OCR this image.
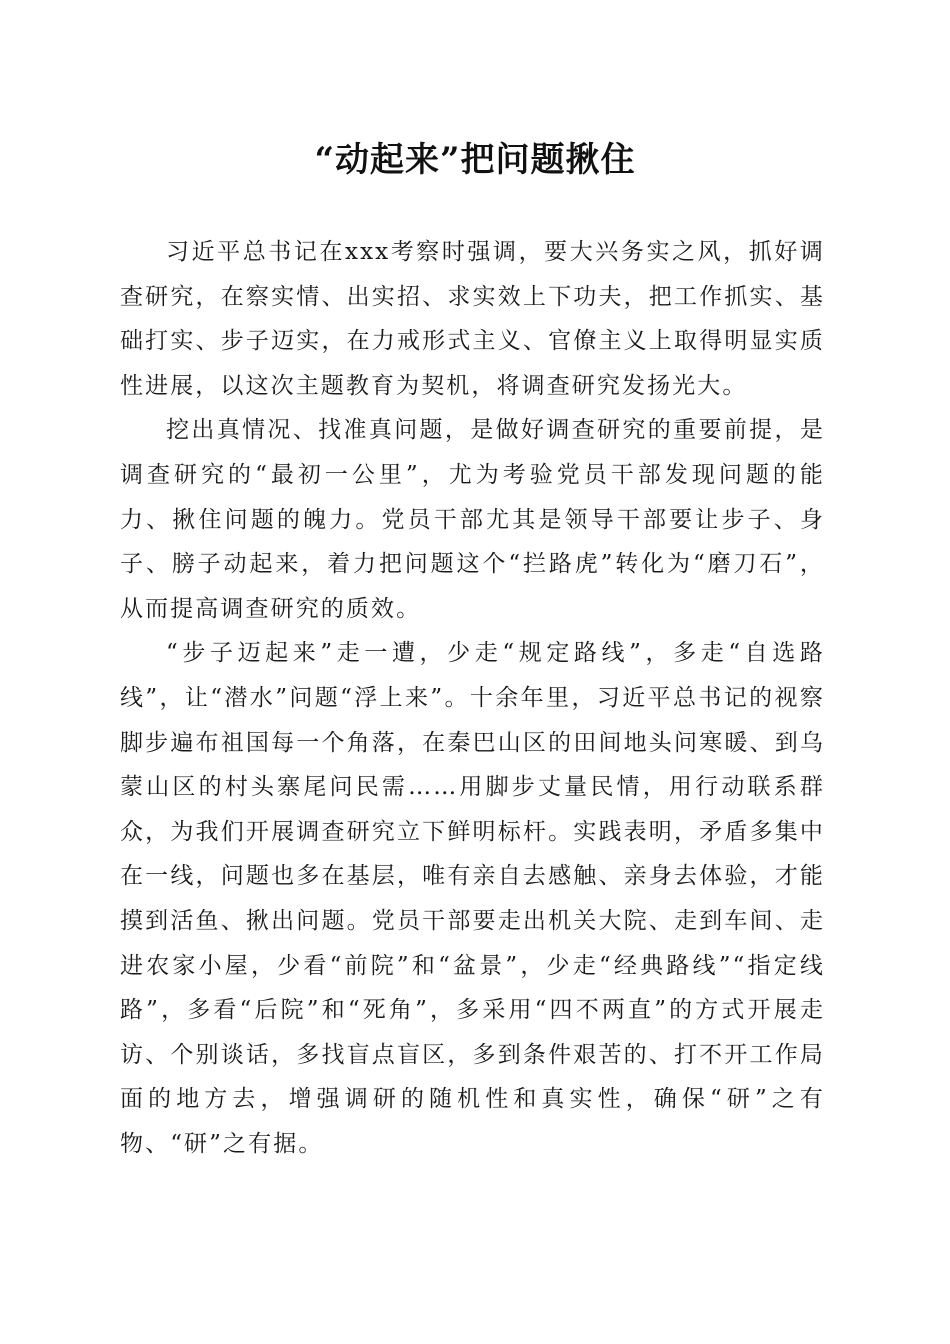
“动起来”把问题揪住

习近平总书记在xxx考察时强调，要大兴务实之风，抓好调查研究，在察实情、出实招、求实效上下功夫，把工作抓实、基础打实、步子迈实，在力戒形式主义、官僚主义上取得明显实质性进展，以这次主题教育为契机，将调查研究发扬光大。

挖出真情况、找准真问题，是做好调查研究的重要前提，是调查研究的“最初一公里”，尤为考验党员干部发现问题的能力、揪住问题的魄力。党员干部尤其是领导干部要让步子、身子、膀子动起来，着力把问题这个“拦路虎”转化为“磨刀石”，从而提高调查研究的质效。

“步子迈起来”走一遭，少走“规定路线”，多走“自选路线”，让“潜水”问题“浮上来”。十余年里，习近平总书记的视察脚步遍布祖国每一个角落，在秦巴山区的田间地头问寒暖、到乌蒙山区的村头寨尾问民需……用脚步丈量民情，用行动联系群众，为我们开展调查研究立下鲜明标杆。实践表明，矛盾多集中在一线，问题也多在基层，唯有亲自去感触、亲身去体验，才能摸到活鱼、揪出问题。党员干部要走出机关大院、走到车间、走进农家小屋，少看“前院”和“盆景”，少走“经典路线”“指定线路”，多看“后院”和“死角”，多采用“四不两直”的方式开展走访、个别谈话，多找盲点盲区，多到条件艰苦的、打不开工作局面的地方去，增强调研的随机性和真实性，确保“研”之有物、“研”之有据。
